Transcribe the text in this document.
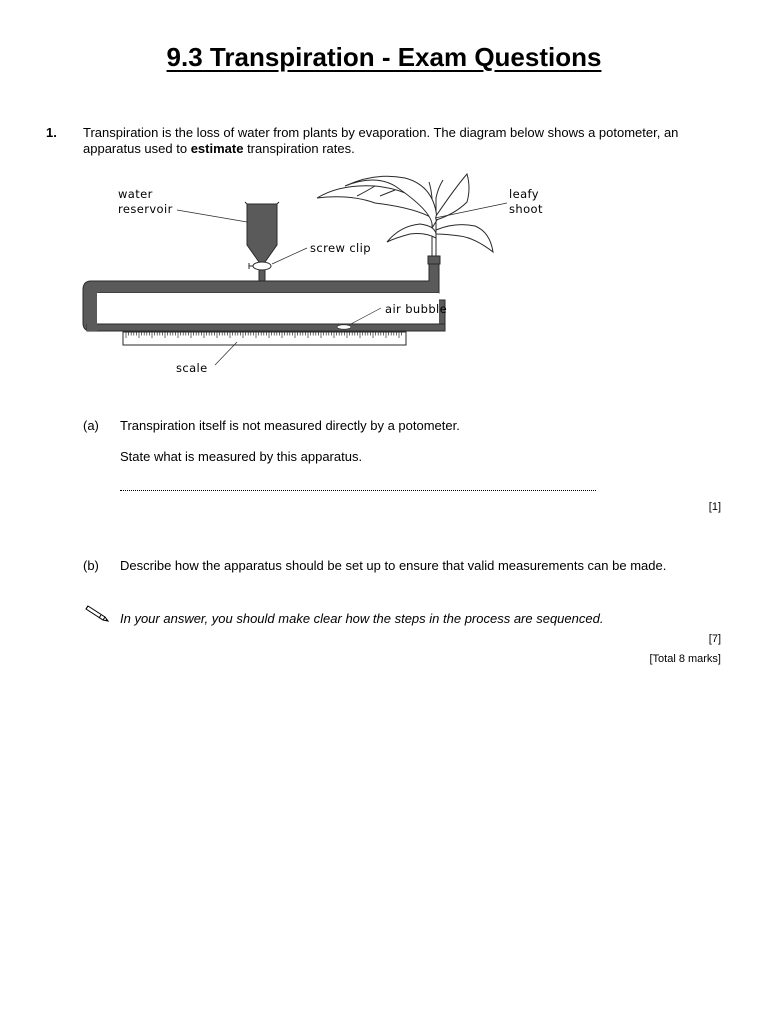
9.3 Transpiration - Exam Questions
1. Transpiration is the loss of water from plants by evaporation. The diagram below shows a potometer, an apparatus used to estimate transpiration rates.
water
reservoir
leafy
shoot
screw clip
air bubble
scale
(a) Transpiration itself is not measured directly by a potometer.
State what is measured by this apparatus.
[1]
(b) Describe how the apparatus should be set up to ensure that valid measurements can be made.
In your answer, you should make clear how the steps in the process are sequenced.
[7]
[Total 8 marks]
